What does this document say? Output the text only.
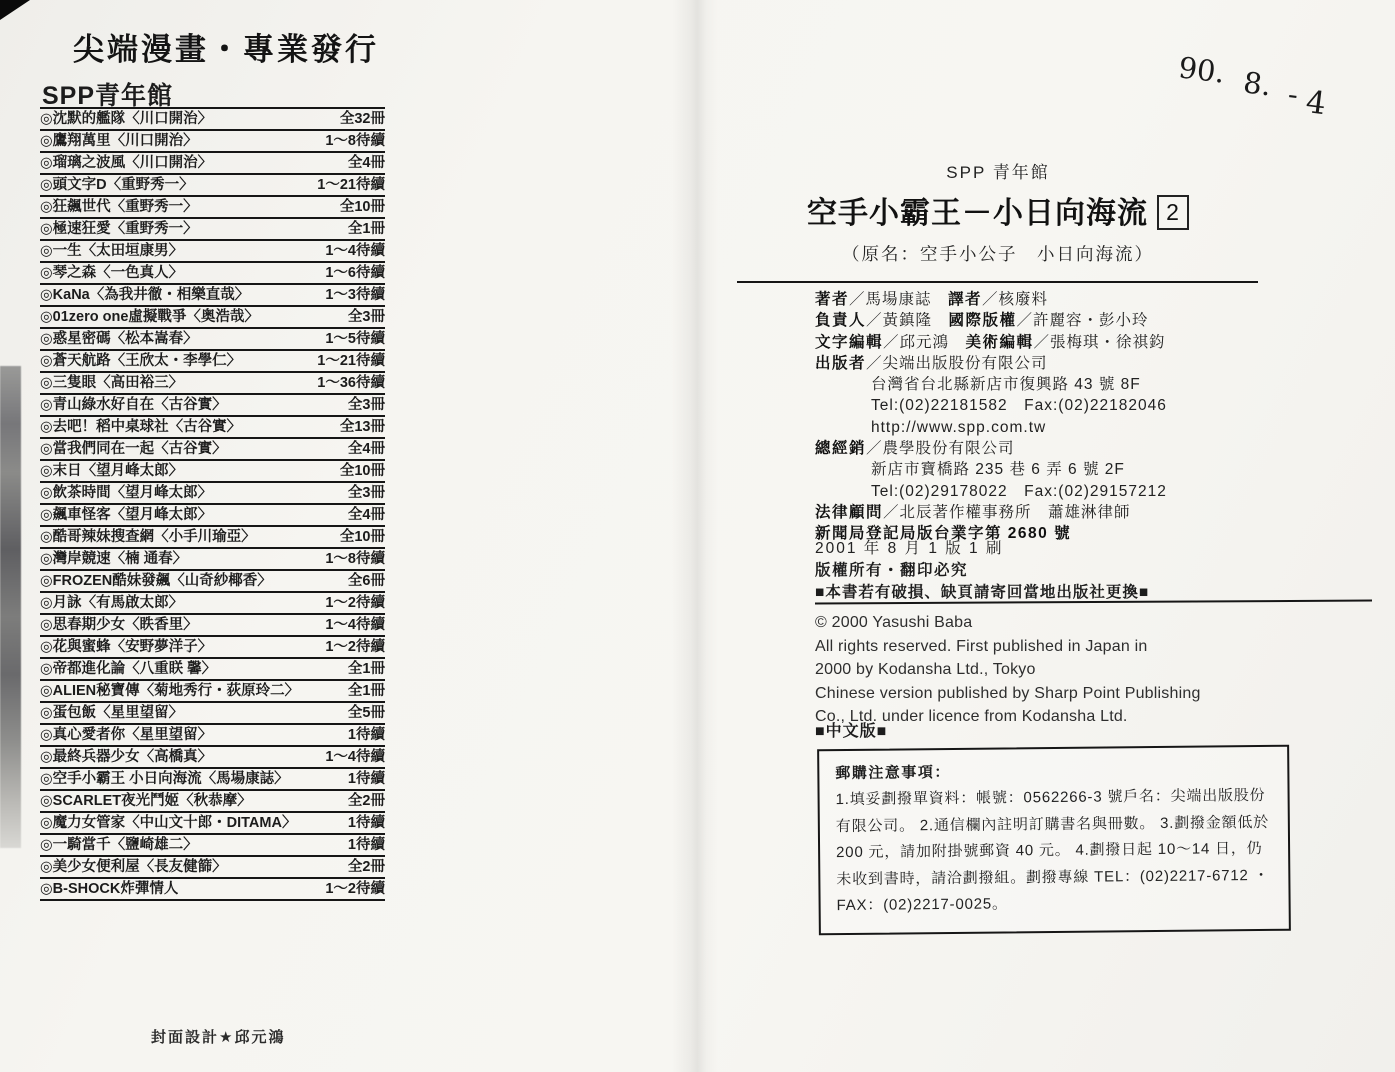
尖端漫畫・專業發行
SPP青年館
◎沈默的艦隊〈川口開治〉	全32冊
◎鷹翔萬里〈川口開治〉	1～8待續
◎瑠璃之波風〈川口開治〉	全4冊
◎頭文字D〈重野秀一〉	1～21待續
◎狂飆世代〈重野秀一〉	全10冊
◎極速狂愛〈重野秀一〉	全1冊
◎一生〈太田垣康男〉	1～4待續
◎琴之森〈一色真人〉	1～6待續
◎KaNa〈為我井徹・相樂直哉〉	1～3待續
◎01zero one虛擬戰爭〈奥浩哉〉	全3冊
◎惑星密碼〈松本嵩春〉	1～5待續
◎蒼天航路〈王欣太・李學仁〉	1～21待續
◎三隻眼〈高田裕三〉	1～36待續
◎青山綠水好自在〈古谷實〉	全3冊
◎去吧！稻中桌球社〈古谷實〉	全13冊
◎當我們同在一起〈古谷實〉	全4冊
◎末日〈望月峰太郎〉	全10冊
◎飲茶時間〈望月峰太郎〉	全3冊
◎飆車怪客〈望月峰太郎〉	全4冊
◎酷哥辣妹搜查網〈小手川瑜亞〉	全10冊
◎灣岸競速〈楠 通春〉	1～8待續
◎FROZEN酷妹發飆〈山奇紗椰香〉	全6冊
◎月詠〈有馬啟太郎〉	1～2待續
◎思春期少女〈眣香里〉	1～4待續
◎花與蜜蜂〈安野夢洋子〉	1～2待續
◎帝都進化論〈八重眹 馨〉	全1冊
◎ALIEN秘寶傳〈菊地秀行・荻原玲二〉	全1冊
◎蛋包飯〈星里望留〉	全5冊
◎真心愛者你〈星里望留〉	1待續
◎最終兵器少女〈高橋真〉	1～4待續
◎空手小霸王 小日向海流〈馬場康誌〉	1待續
◎SCARLET夜光鬥姬〈秋恭摩〉	全2冊
◎魔力女管家〈中山文十郎・DITAMA〉	1待續
◎一騎當千〈鹽崎雄二〉	1待續
◎美少女便利屋〈長友健篩〉	全2冊
◎B-SHOCK炸彈情人	1～2待續
封面設計★邱元鴻
90. 8. - 4
SPP 青年館
空手小霸王－小日向海流 2
（原名：空手小公子　小日向海流）
著者／馬場康誌　譯者／核廢料
負責人／黃鎮隆　國際版權／許麗容・彭小玲
文字編輯／邱元鴻　美術編輯／張梅琪・徐祺鈞
出版者／尖端出版股份有限公司
台灣省台北縣新店市復興路 43 號 8F
Tel:(02)22181582　Fax:(02)22182046
http://www.spp.com.tw
總經銷／農學股份有限公司
新店市寶橋路 235 巷 6 弄 6 號 2F
Tel:(02)29178022　Fax:(02)29157212
法律顧問／北辰著作權事務所　蕭雄淋律師
新聞局登記局版台業字第 2680 號
2001 年 8 月 1 版 1 刷
版權所有・翻印必究
■本書若有破損、缺頁請寄回當地出版社更換■
© 2000 Yasushi Baba
All rights reserved. First published in Japan in
2000 by Kodansha Ltd., Tokyo
Chinese version published by Sharp Point Publishing
Co., Ltd. under licence from Kodansha Ltd.
■中文版■
郵購注意事項：
1.填妥劃撥單資料：帳號：0562266-3 號戶名：尖端出版股份有限公司。 2.通信欄內註明訂購書名與冊數。 3.劃撥金額低於 200 元，請加附掛號郵資 40 元。 4.劃撥日起 10～14 日，仍未收到書時，請洽劃撥組。劃撥專線 TEL：(02)2217-6712 ・ FAX：(02)2217-0025。
